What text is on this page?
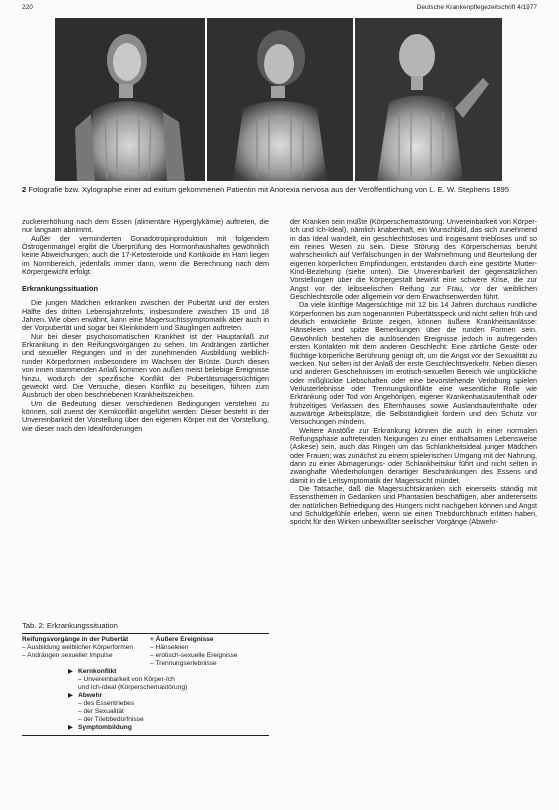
220	Deutsche Krankenpflegezeitschrift 4/1977
2 Fotografie bzw. Xylographie einer ad exitum gekommenen Patientin mit Anorexia nervosa aus der Veröffentlichung von L. E. W. Stephens 1895

zuckererhöhung nach dem Essen (alimentäre Hyperglykämie) auftreten, die nur langsam abnimmt.

Außer der verminderten Gonadotropinproduktion mit folgendem Östrogenmangel ergibt die Überprüfung des Hormonhaushaltes gewöhnlich keine Abweichungen; auch die 17-Ketosteroide und Kortikoide im Harn liegen im Normbereich, jedenfalls immer dann, wenn die Berechnung nach dem Körpergewicht erfolgt.

Erkrankungssituation

Die jungen Mädchen erkranken zwischen der Pubertät und der ersten Hälfte des dritten Lebensjahrzehnts, insbesondere zwischen 15 und 18 Jahren. Wie oben erwähnt, kann eine Magersuchtssymptomatik aber auch in der Vorpubertät und sogar bei Kleinkindern und Säuglingen auftreten.

Nur bei dieser psychosomatischen Krankheit ist der Hauptanlaß zur Erkrankung in den Reifungsvorgängen zu sehen. Im Andrängen zärtlicher und sexueller Regungen und in der zunehmenden Ausbildung weiblich-runder Körperformen insbesondere im Wachsen der Brüste. Durch diesen von innen stammenden Anlaß kommen von außen meist beliebige Ereignisse hinzu, wodurch der spezifische Konflikt der Pubertätsmagersüchtigen geweckt wird. Die Versuche, diesen Konflikt zu beseitigen, führen zum Ausbruch der oben beschriebenen Krankheitszeichen.

Um die Bedeutung dieser verschiedenen Bedingungen verstehen zu können, soll zuerst der Kernkonflikt angeführt werden: Dieser besteht in der Unvereinbarkeit der Vorstellung über den eigenen Körper mit der Vorstellung, wie dieser nach den Idealforderungen

Tab. 2: Erkrankungssituation
Reifungsvorgänge in der Pubertät
– Ausbildung weiblicher Körperformen
– Andrängen sexueller Impulse
+ Äußere Ereignisse
– Hänseleien
– erotisch-sexuelle Ereignisse
– Trennungserlebnisse
▶ Kernkonflikt
– Unvereinbarkeit von Körper-Ich
und Ich-Ideal (Körperschemastörung)
▶ Abwehr
– des Essentriebes
– der Sexualität
– der Triebbedürfnisse
▶ Symptombildung

der Kranken sein müßte (Körperschemastörung: Unvereinbarkeit von Körper-Ich und Ich-Ideal), nämlich knabenhaft, ein Wunschbild, das sich zunehmend in das Ideal wandelt, ein geschlechtsloses und insgesamt triebloses und so ein reines Wesen zu sein. Diese Störung des Körperschemas beruht wahrscheinlich auf Verfälschungen in der Wahrnehmung und Beurteilung der eigenen körperlichen Empfindungen, entstanden durch eine gestörte Mutter-Kind-Beziehung (siehe unten). Die Unvereinbarkeit der gegensätzlichen Vorstellungen über die Körpergestalt bewirkt eine schwere Krise, die zur Angst vor der leibseelischen Reifung zur Frau, vor der weiblichen Geschlechtsrolle oder allgemein vor dem Erwachsenwerden führt.

Da viele künftige Magersüchtige mit 12 bis 14 Jahren durchaus rundliche Körperformen bis zum sogenannten Pubertätsspeck und nicht selten früh und deutlich entwickelte Brüste zeigen, können äußere Krankheitsanlässe: Hänseleien und spitze Bemerkungen über die runden Formen sein. Gewöhnlich bestehen die auslösenden Ereignisse jedoch in aufregenden ersten Kontakten mit dem anderen Geschlecht: Eine zärtliche Geste oder flüchtige körperliche Berührung genügt oft, um die Angst vor der Sexualität zu wecken. Nur selten ist der Anlaß der erste Geschlechtsverkehr. Neben diesen und anderen Geschehnissen im erotisch-sexuellen Bereich wie unglückliche oder mißglückte Liebschaften oder eine bevorstehende Verlobung spielen Verlusterlebnisse oder Trennungskonflikte eine wesentliche Rolle wie Erkrankung oder Tod von Angehörigen, eigener Krankenhausaufenthalt oder frühzeitiges Verlassen des Elternhauses sowie Auslandsaufenthalte oder auswärtige Arbeitsplätze, die Selbständigkeit fordern und den Schutz vor Versuchungen mindern.

Weitere Anstöße zur Erkrankung können die auch in einer normalen Reifungsphase auftretenden Neigungen zu einer enthaltsamen Lebensweise (Askese) sein, auch das Ringen um das Schlankheitsideal junger Mädchen oder Frauen; was zunächst zu einem spielerischen Umgang mit der Nahrung, dann zu einer Abmagerungs- oder Schlankheitskur führt und nicht selten in zwanghafte Wiederholungen derartiger Beschränkungen des Essens und damit in die Leitsymptomatik der Magersucht mündet.

Die Tatsache, daß die Magersuchtskranken sich einerseits ständig mit Essensthemen in Gedanken und Phantasien beschäftigen, aber andererseits der natürlichen Befriedigung des Hungers nicht nachgeben können und Angst und Schuldgefühle erleben, wenn sie einen Triebdurchbruch erlitten haben, spricht für den Wirken unbewußter seelischer Vorgänge (Abwehr-
